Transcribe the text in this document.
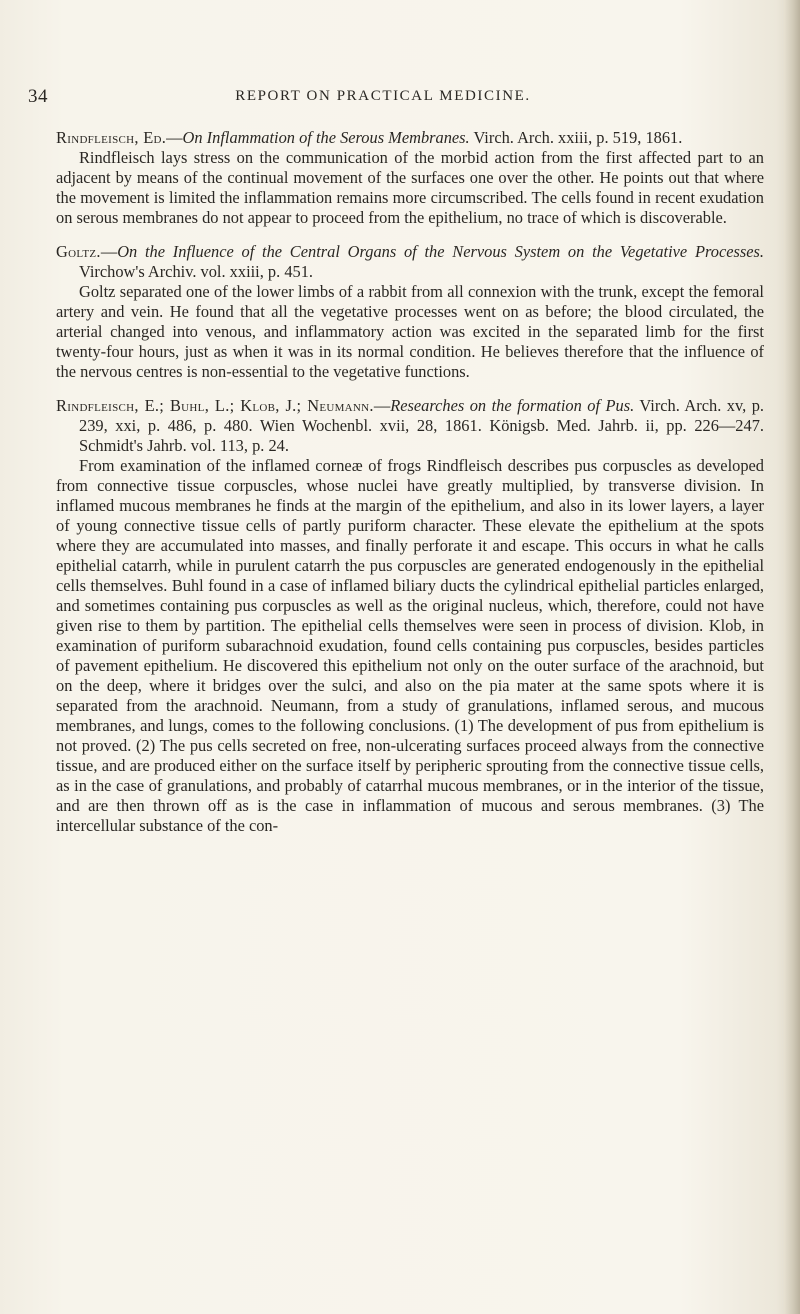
34	REPORT ON PRACTICAL MEDICINE.

Rindfleisch, Ed.—On Inflammation of the Serous Membranes. Virch. Arch. xxiii, p. 519, 1861.

Rindfleisch lays stress on the communication of the morbid action from the first affected part to an adjacent by means of the continual movement of the surfaces one over the other. He points out that where the movement is limited the inflammation remains more circumscribed. The cells found in recent exudation on serous membranes do not appear to proceed from the epithelium, no trace of which is discoverable.

Goltz.—On the Influence of the Central Organs of the Nervous System on the Vegetative Processes. Virchow's Archiv. vol. xxiii, p. 451.

Goltz separated one of the lower limbs of a rabbit from all connexion with the trunk, except the femoral artery and vein. He found that all the vegetative processes went on as before; the blood circulated, the arterial changed into venous, and inflammatory action was excited in the separated limb for the first twenty-four hours, just as when it was in its normal condition. He believes therefore that the influence of the nervous centres is non-essential to the vegetative functions.

Rindfleisch, E.; Buhl, L.; Klob, J.; Neumann.—Researches on the formation of Pus. Virch. Arch. xv, p. 239, xxi, p. 486, p. 480. Wien Wochenbl. xvii, 28, 1861. Königsb. Med. Jahrb. ii, pp. 226—247. Schmidt's Jahrb. vol. 113, p. 24.

From examination of the inflamed corneæ of frogs Rindfleisch describes pus corpuscles as developed from connective tissue corpuscles, whose nuclei have greatly multiplied, by transverse division. In inflamed mucous membranes he finds at the margin of the epithelium, and also in its lower layers, a layer of young connective tissue cells of partly puriform character. These elevate the epithelium at the spots where they are accumulated into masses, and finally perforate it and escape. This occurs in what he calls epithelial catarrh, while in purulent catarrh the pus corpuscles are generated endogenously in the epithelial cells themselves. Buhl found in a case of inflamed biliary ducts the cylindrical epithelial particles enlarged, and sometimes containing pus corpuscles as well as the original nucleus, which, therefore, could not have given rise to them by partition. The epithelial cells themselves were seen in process of division. Klob, in examination of puriform subarachnoid exudation, found cells containing pus corpuscles, besides particles of pavement epithelium. He discovered this epithelium not only on the outer surface of the arachnoid, but on the deep, where it bridges over the sulci, and also on the pia mater at the same spots where it is separated from the arachnoid. Neumann, from a study of granulations, inflamed serous, and mucous membranes, and lungs, comes to the following conclusions. (1) The development of pus from epithelium is not proved. (2) The pus cells secreted on free, non-ulcerating surfaces proceed always from the connective tissue, and are produced either on the surface itself by peripheric sprouting from the connective tissue cells, as in the case of granulations, and probably of catarrhal mucous membranes, or in the interior of the tissue, and are then thrown off as is the case in inflammation of mucous and serous membranes. (3) The intercellular substance of the con-
